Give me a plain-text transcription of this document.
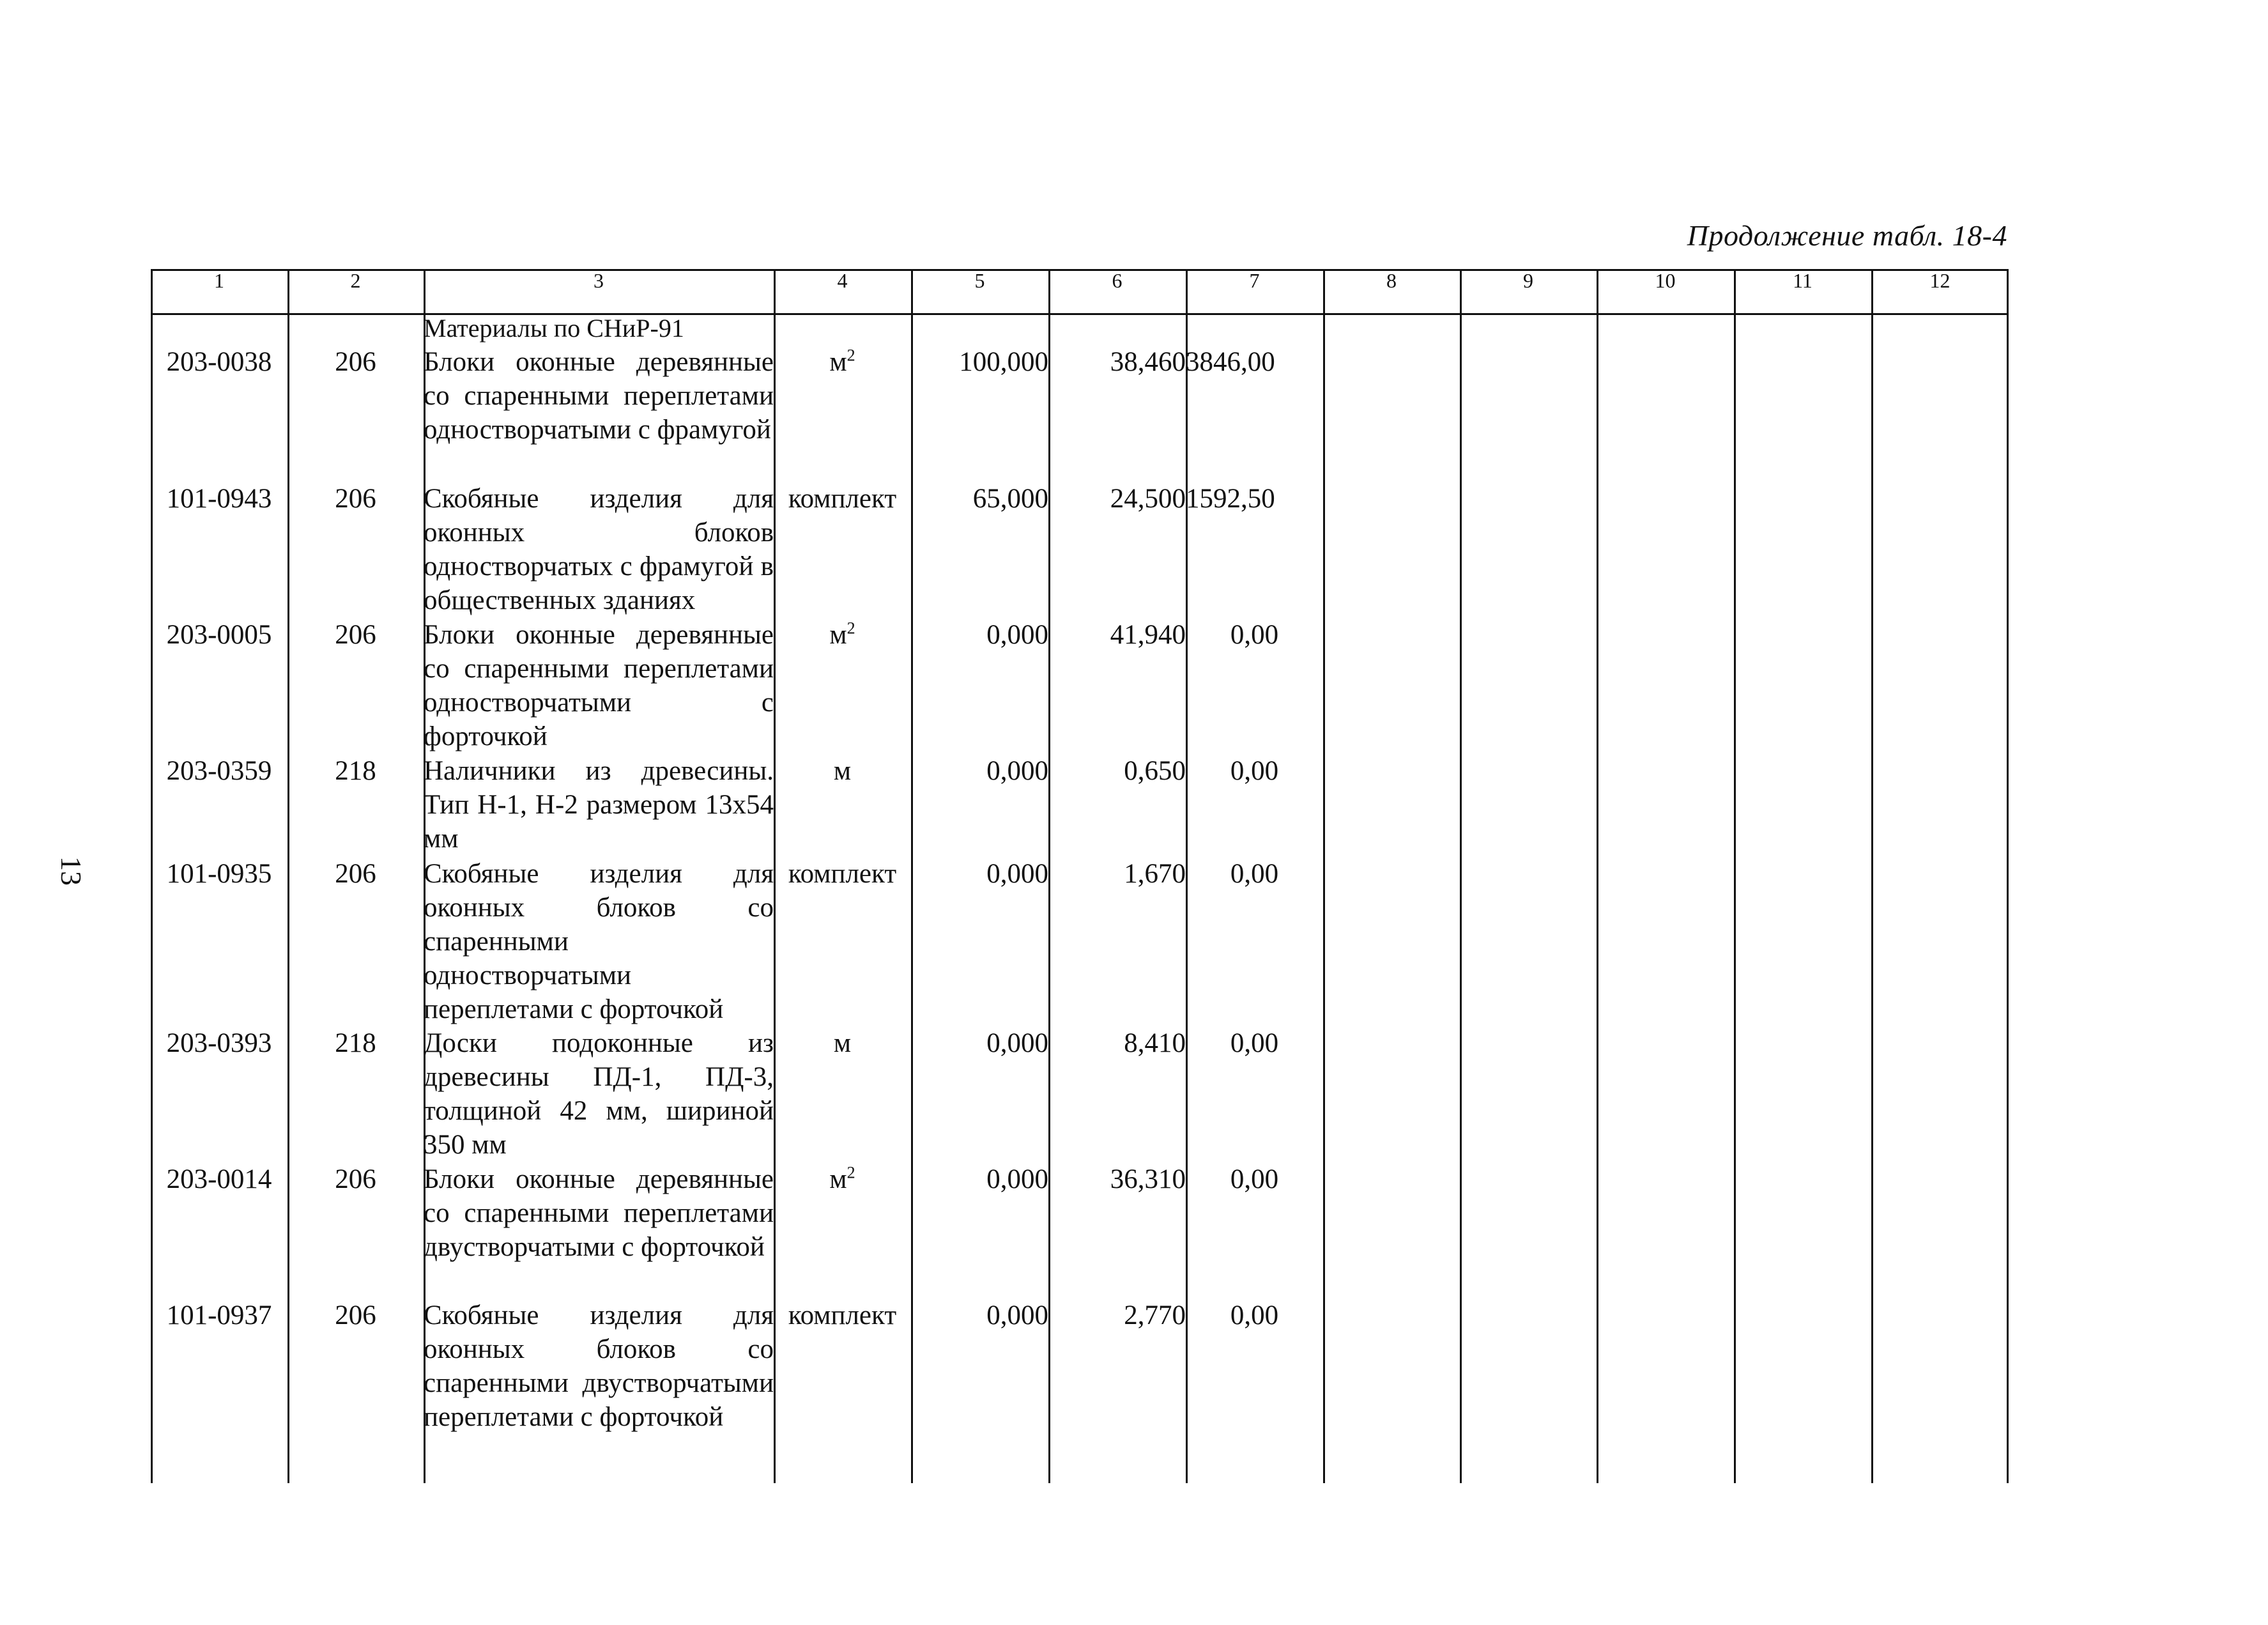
Продолжение табл. 18-4
13
1	2	3	4	5	6	7	8	9	10	11	12
		Материалы по СНиР-91									
203-0038	206	Блоки оконные деревянные со спаренными переплетами одностворчатыми с фрамугой	$м^2$	100,000	38,460	3846,00					
101-0943	206	Скобяные изделия для оконных блоков одностворчатых с фрамугой в общественных зданиях	комплект	65,000	24,500	1592,50					
203-0005	206	Блоки оконные деревянные со спаренными переплетами одностворчатыми с форточкой	$м^2$	0,000	41,940	0,00					
203-0359	218	Наличники из древесины. Тип Н-1, Н-2 размером 13х54 мм	м	0,000	0,650	0,00					
101-0935	206	Скобяные изделия для оконных блоков со спаренными одностворчатыми переплетами с форточкой	комплект	0,000	1,670	0,00					
203-0393	218	Доски подоконные из древесины ПД-1, ПД-3, толщиной 42 мм, шириной 350 мм	м	0,000	8,410	0,00					
203-0014	206	Блоки оконные деревянные со спаренными переплетами двустворчатыми с форточкой	$м^2$	0,000	36,310	0,00					
101-0937	206	Скобяные изделия для оконных блоков со спаренными двустворчатыми переплетами с форточкой	комплект	0,000	2,770	0,00					
